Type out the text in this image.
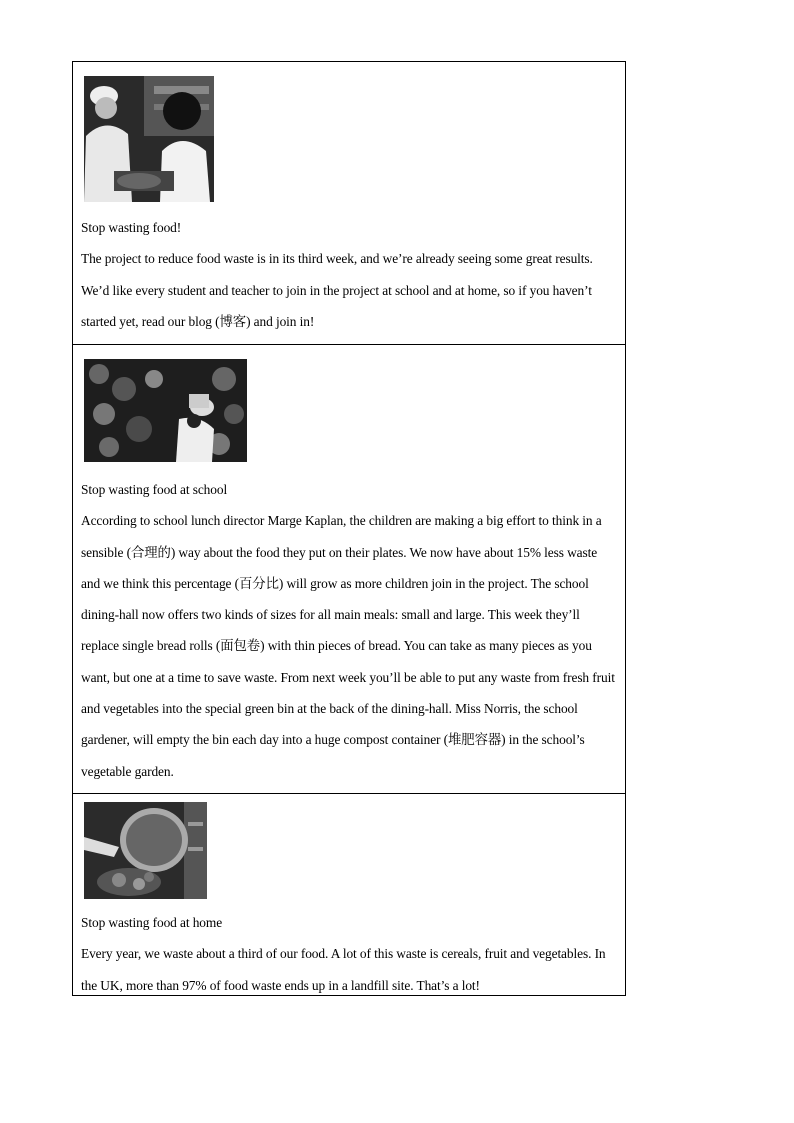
Stop wasting food!

The project to reduce food waste is in its third week, and we’re already seeing some great results. We’d like every student and teacher to join in the project at school and at home, so if you haven’t started yet, read our blog (博客) and join in!

Stop wasting food at school

According to school lunch director Marge Kaplan, the children are making a big effort to think in a sensible (合理的) way about the food they put on their plates. We now have about 15% less waste and we think this percentage (百分比) will grow as more children join in the project. The school dining-hall now offers two kinds of sizes for all main meals: small and large. This week they’ll replace single bread rolls (面包卷) with thin pieces of bread. You can take as many pieces as you want, but one at a time to save waste. From next week you’ll be able to put any waste from fresh fruit and vegetables into the special green bin at the back of the dining-hall. Miss Norris, the school gardener, will empty the bin each day into a huge compost container (堆肥容器) in the school’s vegetable garden.

Stop wasting food at home

Every year, we waste about a third of our food. A lot of this waste is cereals, fruit and vegetables. In the UK, more than 97% of food waste ends up in a landfill site. That’s a lot!
